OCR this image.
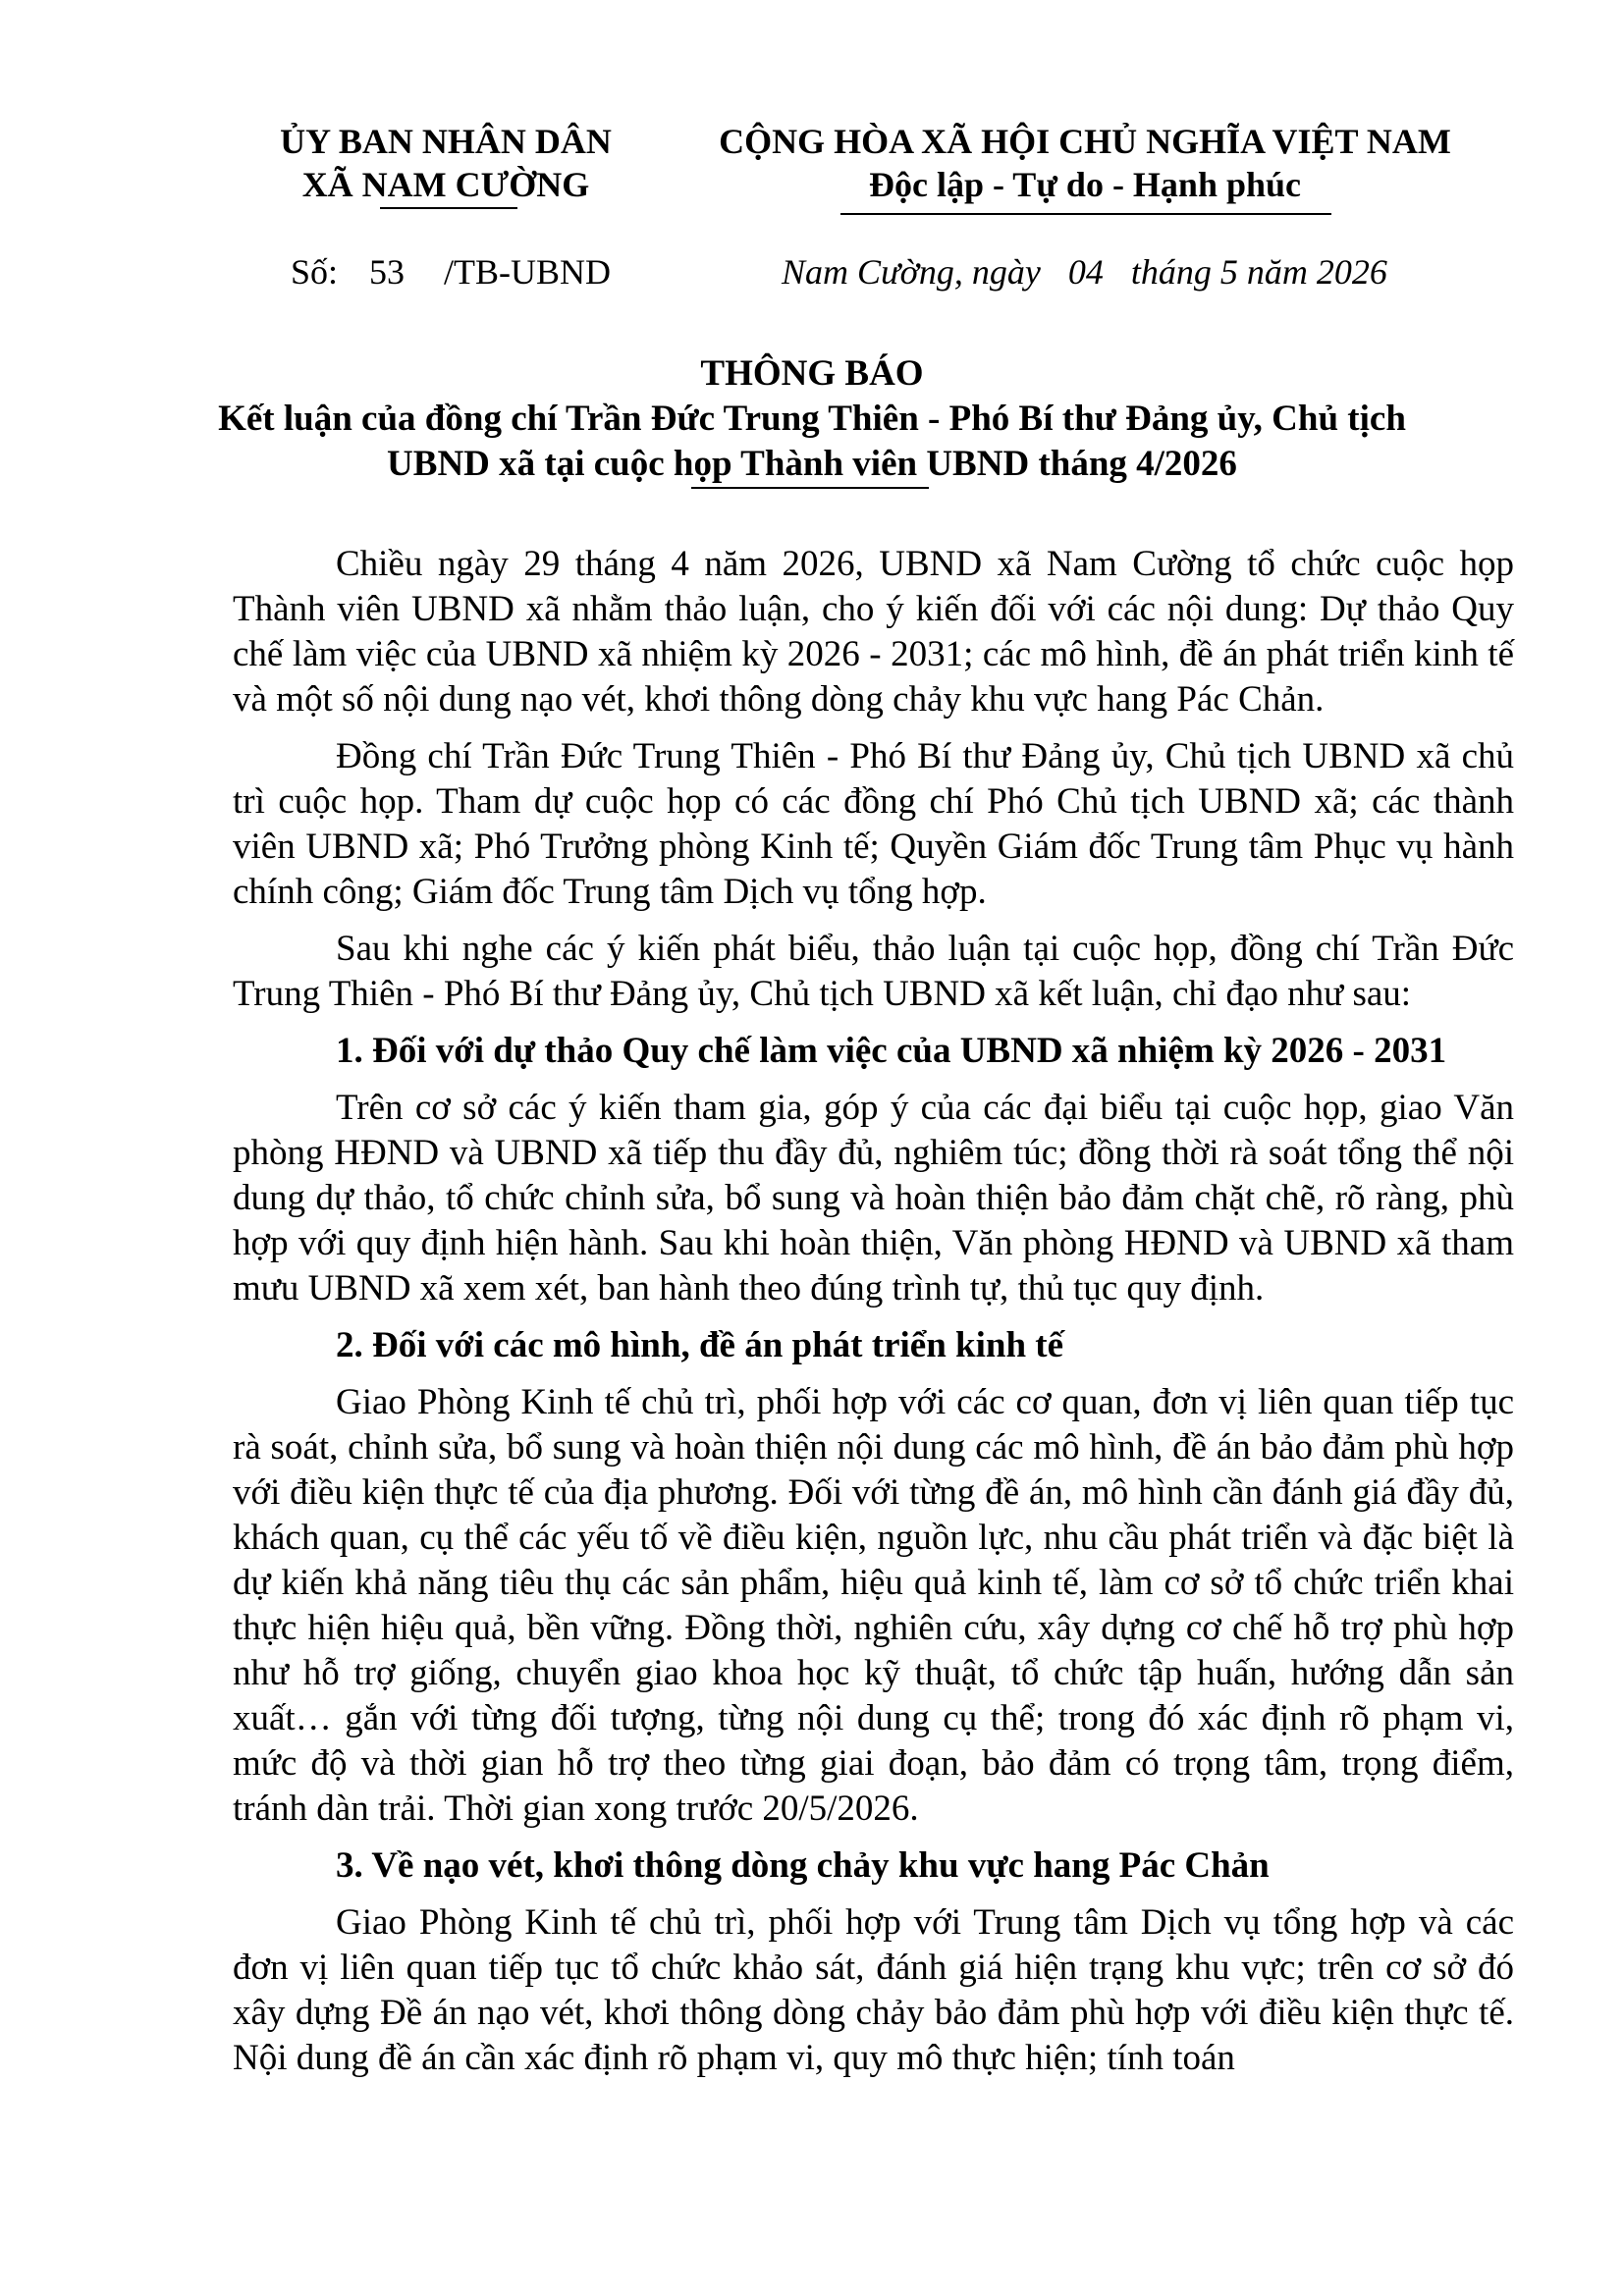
ỦY BAN NHÂN DÂN
XÃ NAM CƯỜNG
CỘNG HÒA XÃ HỘI CHỦ NGHĨA VIỆT NAM
Độc lập - Tự do - Hạnh phúc
Số: 53 /TB-UBND	Nam Cường, ngày 04 tháng 5 năm 2026
THÔNG BÁO
Kết luận của đồng chí Trần Đức Trung Thiên - Phó Bí thư Đảng ủy, Chủ tịch
UBND xã tại cuộc họp Thành viên UBND tháng 4/2026

Chiều ngày 29 tháng 4 năm 2026, UBND xã Nam Cường tổ chức cuộc họp Thành viên UBND xã nhằm thảo luận, cho ý kiến đối với các nội dung: Dự thảo Quy chế làm việc của UBND xã nhiệm kỳ 2026 - 2031; các mô hình, đề án phát triển kinh tế và một số nội dung nạo vét, khơi thông dòng chảy khu vực hang Pác Chản.

Đồng chí Trần Đức Trung Thiên - Phó Bí thư Đảng ủy, Chủ tịch UBND xã chủ trì cuộc họp. Tham dự cuộc họp có các đồng chí Phó Chủ tịch UBND xã; các thành viên UBND xã; Phó Trưởng phòng Kinh tế; Quyền Giám đốc Trung tâm Phục vụ hành chính công; Giám đốc Trung tâm Dịch vụ tổng hợp.

Sau khi nghe các ý kiến phát biểu, thảo luận tại cuộc họp, đồng chí Trần Đức Trung Thiên - Phó Bí thư Đảng ủy, Chủ tịch UBND xã kết luận, chỉ đạo như sau:

1. Đối với dự thảo Quy chế làm việc của UBND xã nhiệm kỳ 2026 - 2031

Trên cơ sở các ý kiến tham gia, góp ý của các đại biểu tại cuộc họp, giao Văn phòng HĐND và UBND xã tiếp thu đầy đủ, nghiêm túc; đồng thời rà soát tổng thể nội dung dự thảo, tổ chức chỉnh sửa, bổ sung và hoàn thiện bảo đảm chặt chẽ, rõ ràng, phù hợp với quy định hiện hành. Sau khi hoàn thiện, Văn phòng HĐND và UBND xã tham mưu UBND xã xem xét, ban hành theo đúng trình tự, thủ tục quy định.

2. Đối với các mô hình, đề án phát triển kinh tế

Giao Phòng Kinh tế chủ trì, phối hợp với các cơ quan, đơn vị liên quan tiếp tục rà soát, chỉnh sửa, bổ sung và hoàn thiện nội dung các mô hình, đề án bảo đảm phù hợp với điều kiện thực tế của địa phương. Đối với từng đề án, mô hình cần đánh giá đầy đủ, khách quan, cụ thể các yếu tố về điều kiện, nguồn lực, nhu cầu phát triển và đặc biệt là dự kiến khả năng tiêu thụ các sản phẩm, hiệu quả kinh tế, làm cơ sở tổ chức triển khai thực hiện hiệu quả, bền vững. Đồng thời, nghiên cứu, xây dựng cơ chế hỗ trợ phù hợp như hỗ trợ giống, chuyển giao khoa học kỹ thuật, tổ chức tập huấn, hướng dẫn sản xuất… gắn với từng đối tượng, từng nội dung cụ thể; trong đó xác định rõ phạm vi, mức độ và thời gian hỗ trợ theo từng giai đoạn, bảo đảm có trọng tâm, trọng điểm, tránh dàn trải. Thời gian xong trước 20/5/2026.

3. Về nạo vét, khơi thông dòng chảy khu vực hang Pác Chản

Giao Phòng Kinh tế chủ trì, phối hợp với Trung tâm Dịch vụ tổng hợp và các đơn vị liên quan tiếp tục tổ chức khảo sát, đánh giá hiện trạng khu vực; trên cơ sở đó xây dựng Đề án nạo vét, khơi thông dòng chảy bảo đảm phù hợp với điều kiện thực tế. Nội dung đề án cần xác định rõ phạm vi, quy mô thực hiện; tính toán
